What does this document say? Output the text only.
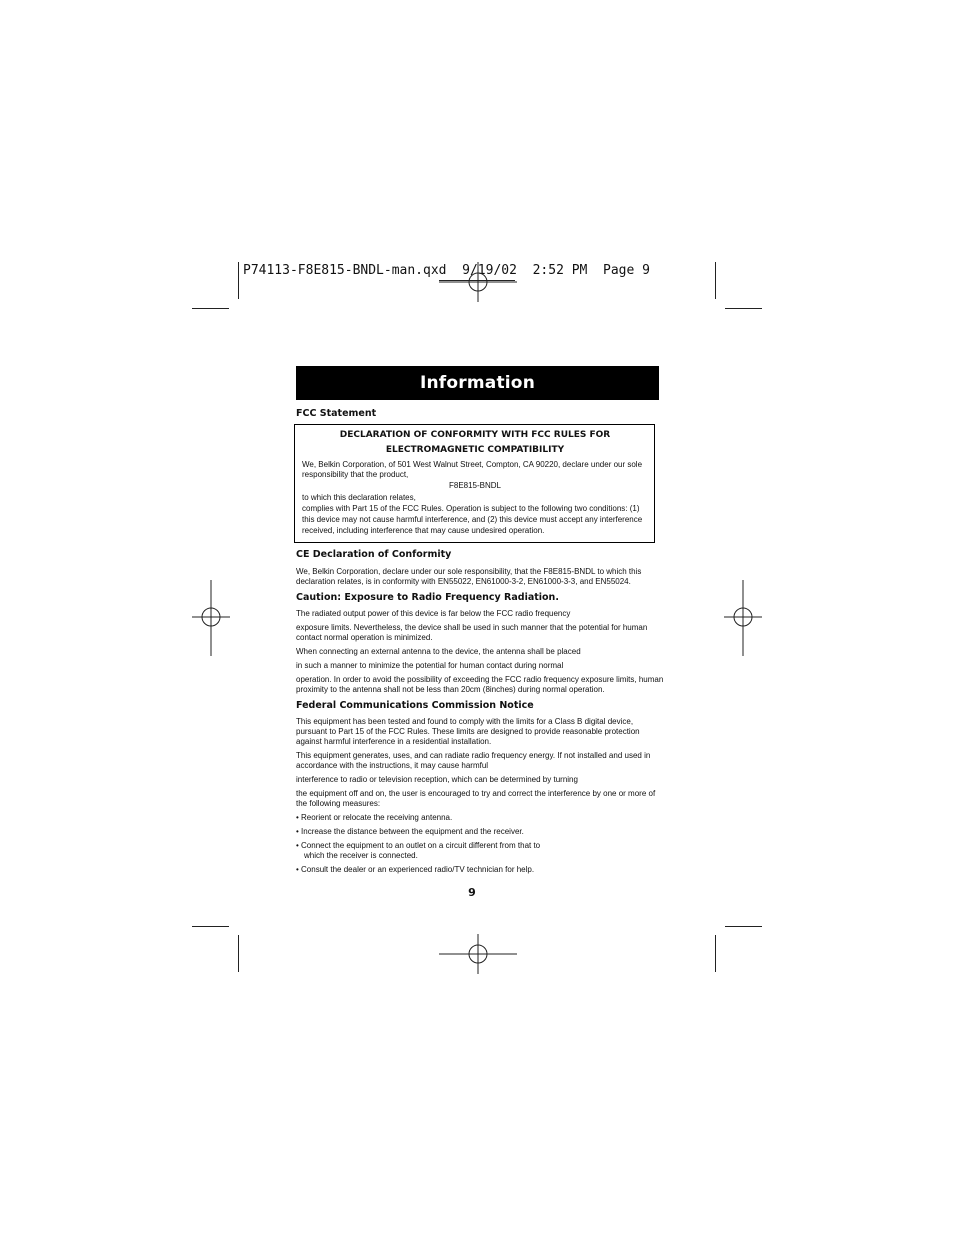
P74113-F8E815-BNDL-man.qxd  9/19/02  2:52 PM  Page 9
Information
FCC Statement
DECLARATION OF CONFORMITY WITH FCC RULES FOR
ELECTROMAGNETIC COMPATIBILITY
We, Belkin Corporation, of 501 West Walnut Street, Compton, CA 90220, declare under our sole responsibility that the product,
F8E815-BNDL
to which this declaration relates,
complies with Part 15 of the FCC Rules. Operation is subject to the following two conditions: (1) this device may not cause harmful interference, and (2) this device must accept any interference received, including interference that may cause undesired operation.
CE Declaration of Conformity
We, Belkin Corporation, declare under our sole responsibility, that the F8E815-BNDL to which this declaration relates, is in conformity with EN55022, EN61000-3-2, EN61000-3-3, and EN55024.
Caution: Exposure to Radio Frequency Radiation.
The radiated output power of this device is far below the FCC radio frequency
exposure limits. Nevertheless, the device shall be used in such manner that the potential for human contact normal operation is minimized.
When connecting an external antenna to the device, the antenna shall be placed
in such a manner to minimize the potential for human contact during normal
operation. In order to avoid the possibility of exceeding the FCC radio frequency exposure limits, human proximity to the antenna shall not be less than 20cm (8inches) during normal operation.
Federal Communications Commission Notice
This equipment has been tested and found to comply with the limits for a Class B digital device, pursuant to Part 15 of the FCC Rules. These limits are designed to provide reasonable protection against harmful interference in a residential installation.
This equipment generates, uses, and can radiate radio frequency energy. If not installed and used in accordance with the instructions, it may cause harmful
interference to radio or television reception, which can be determined by turning
the equipment off and on, the user is encouraged to try and correct the interference by one or more of the following measures:
• Reorient or relocate the receiving antenna.
• Increase the distance between the equipment and the receiver.
• Connect the equipment to an outlet on a circuit different from that to
which the receiver is connected.
• Consult the dealer or an experienced radio/TV technician for help.
9
